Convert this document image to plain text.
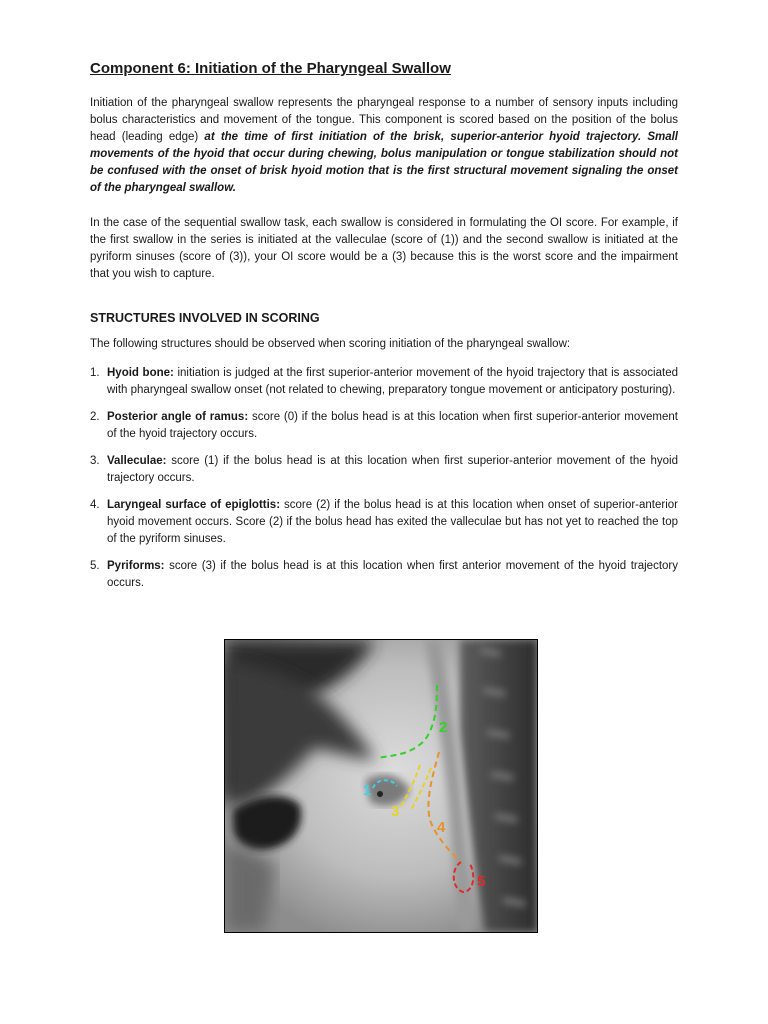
Component 6: Initiation of the Pharyngeal Swallow

Initiation of the pharyngeal swallow represents the pharyngeal response to a number of sensory inputs including bolus characteristics and movement of the tongue. This component is scored based on the position of the bolus head (leading edge) at the time of first initiation of the brisk, superior-anterior hyoid trajectory. Small movements of the hyoid that occur during chewing, bolus manipulation or tongue stabilization should not be confused with the onset of brisk hyoid motion that is the first structural movement signaling the onset of the pharyngeal swallow.

In the case of the sequential swallow task, each swallow is considered in formulating the OI score. For example, if the first swallow in the series is initiated at the valleculae (score of (1)) and the second swallow is initiated at the pyriform sinuses (score of (3)), your OI score would be a (3) because this is the worst score and the impairment that you wish to capture.

STRUCTURES INVOLVED IN SCORING

The following structures should be observed when scoring initiation of the pharyngeal swallow:

1. Hyoid bone: initiation is judged at the first superior-anterior movement of the hyoid trajectory that is associated with pharyngeal swallow onset (not related to chewing, preparatory tongue movement or anticipatory posturing).
2. Posterior angle of ramus: score (0) if the bolus head is at this location when first superior-anterior movement of the hyoid trajectory occurs.
3. Valleculae: score (1) if the bolus head is at this location when first superior-anterior movement of the hyoid trajectory occurs.
4. Laryngeal surface of epiglottis: score (2) if the bolus head is at this location when onset of superior-anterior hyoid movement occurs. Score (2) if the bolus head has exited the valleculae but has not yet to reached the top of the pyriform sinuses.
5. Pyriforms: score (3) if the bolus head is at this location when first anterior movement of the hyoid trajectory occurs.
1
2
3
4
5
